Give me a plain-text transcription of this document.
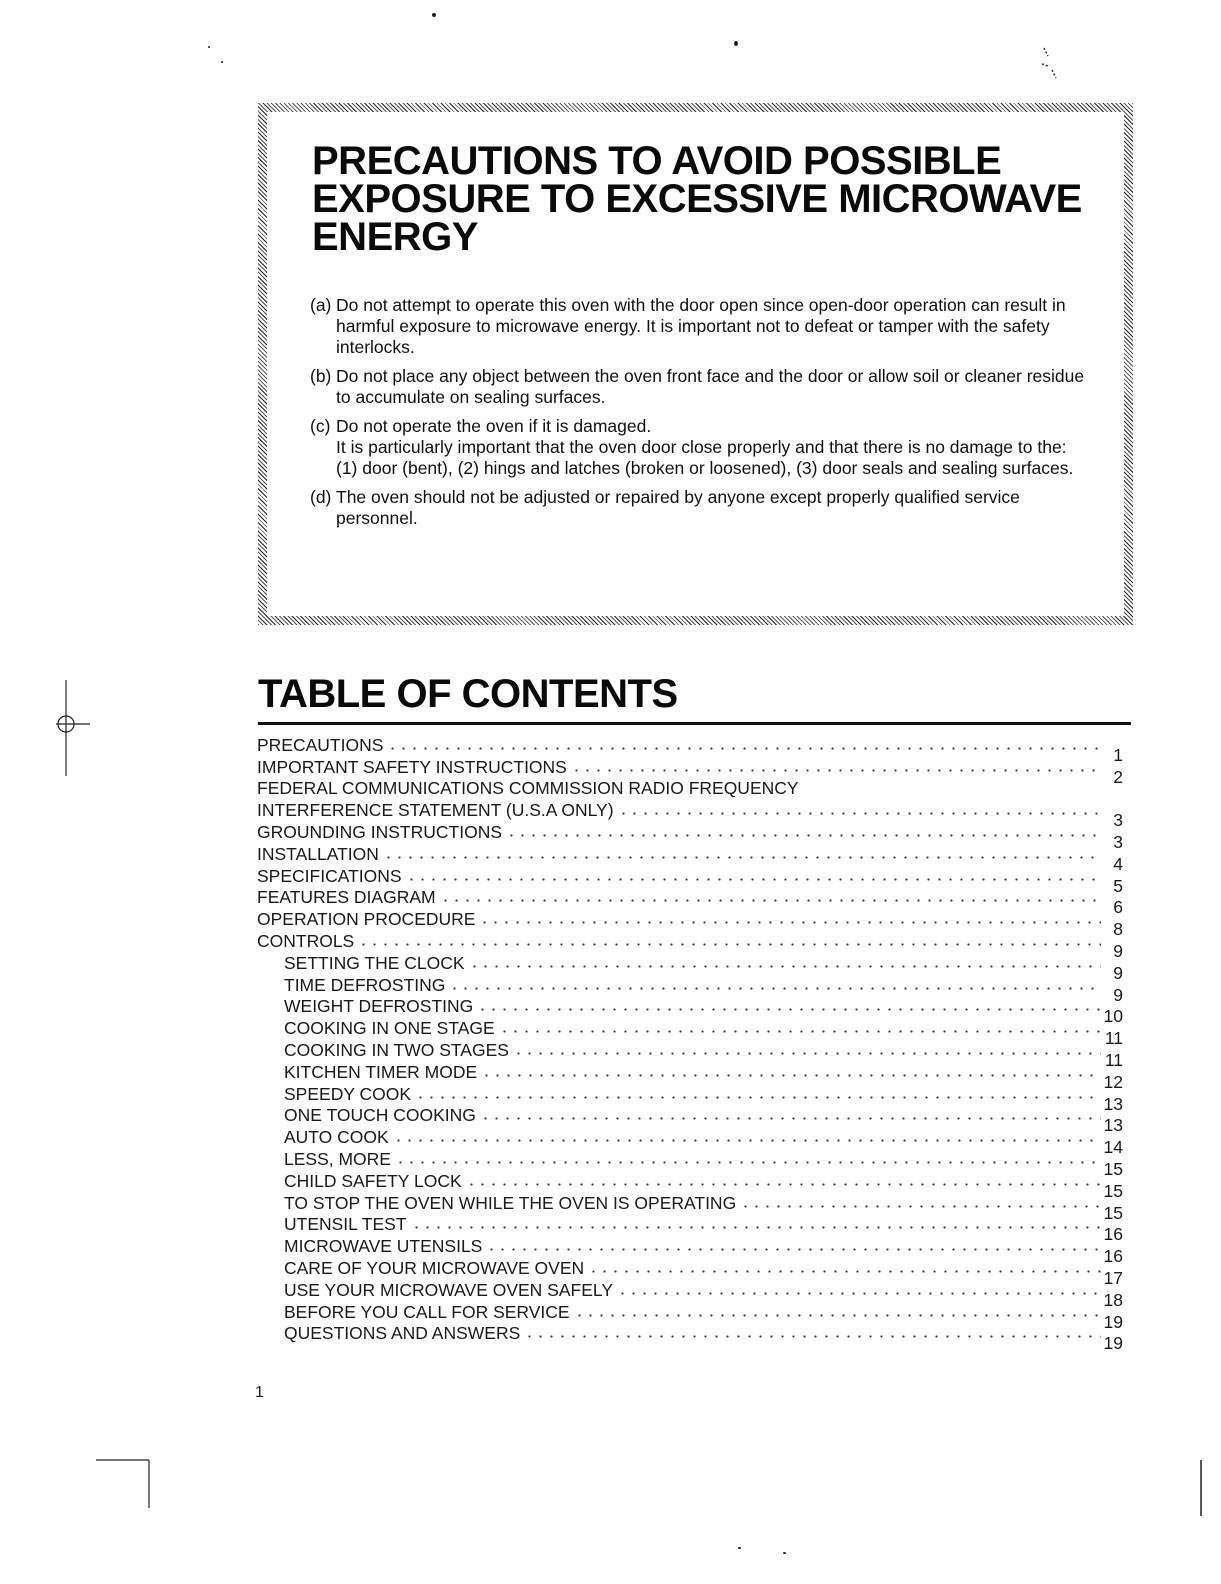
PRECAUTIONS TO AVOID POSSIBLE EXPOSURE TO EXCESSIVE MICROWAVE ENERGY
(a) Do not attempt to operate this oven with the door open since open-door operation can result in harmful exposure to microwave energy. It is important not to defeat or tamper with the safety interlocks.
(b) Do not place any object between the oven front face and the door or allow soil or cleaner residue to accumulate on sealing surfaces.
(c) Do not operate the oven if it is damaged.
It is particularly important that the oven door close properly and that there is no damage to the: (1) door (bent), (2) hings and latches (broken or loosened), (3) door seals and sealing surfaces.
(d) The oven should not be adjusted or repaired by anyone except properly qualified service personnel.
TABLE OF CONTENTS
PRECAUTIONS	1
IMPORTANT SAFETY INSTRUCTIONS	2
FEDERAL COMMUNICATIONS COMMISSION RADIO FREQUENCY
INTERFERENCE STATEMENT (U.S.A ONLY)	3
GROUNDING INSTRUCTIONS	3
INSTALLATION	4
SPECIFICATIONS	5
FEATURES DIAGRAM	6
OPERATION PROCEDURE	8
CONTROLS	9
SETTING THE CLOCK	9
TIME DEFROSTING	9
WEIGHT DEFROSTING	10
COOKING IN ONE STAGE	11
COOKING IN TWO STAGES	11
KITCHEN TIMER MODE	12
SPEEDY COOK	13
ONE TOUCH COOKING	13
AUTO COOK	14
LESS, MORE	15
CHILD SAFETY LOCK	15
TO STOP THE OVEN WHILE THE OVEN IS OPERATING	15
UTENSIL TEST	16
MICROWAVE UTENSILS	16
CARE OF YOUR MICROWAVE OVEN	17
USE YOUR MICROWAVE OVEN SAFELY	18
BEFORE YOU CALL FOR SERVICE	19
QUESTIONS AND ANSWERS	19
1
